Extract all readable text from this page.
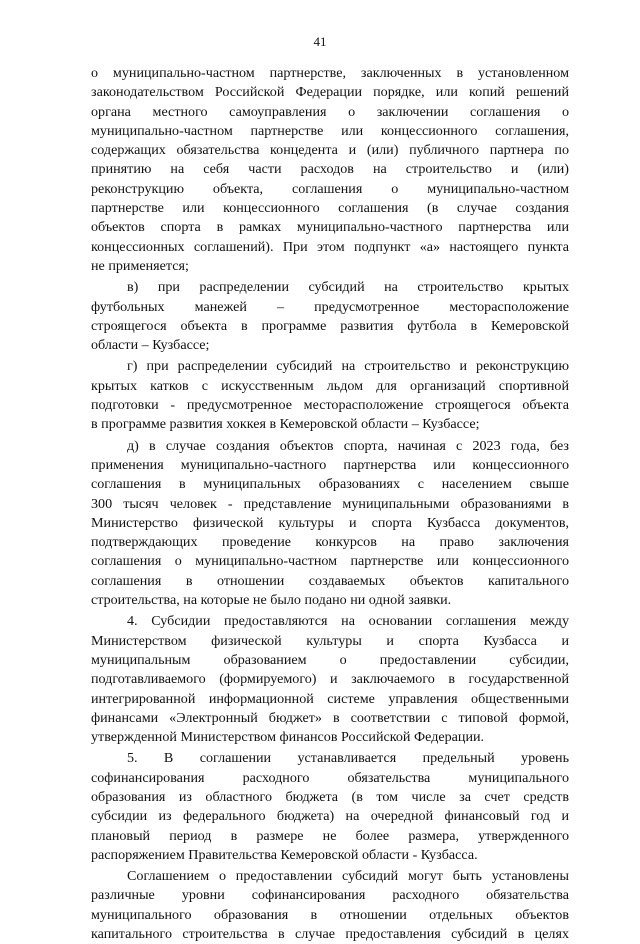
41
о муниципально-частном партнерстве, заключенных в установленном
законодательством Российской Федерации порядке, или копий решений
органа местного самоуправления о заключении соглашения о
муниципально-частном партнерстве или концессионного соглашения,
содержащих обязательства концедента и (или) публичного партнера по
принятию на себя части расходов на строительство и (или)
реконструкцию объекта, соглашения о муниципально-частном
партнерстве или концессионного соглашения (в случае создания
объектов спорта в рамках муниципально-частного партнерства или
концессионных соглашений). При этом подпункт «а» настоящего пункта
не применяется;
в) при распределении субсидий на строительство крытых
футбольных манежей – предусмотренное месторасположение
строящегося объекта в программе развития футбола в Кемеровской
области – Кузбассе;
г) при распределении субсидий на строительство и реконструкцию
крытых катков с искусственным льдом для организаций спортивной
подготовки - предусмотренное месторасположение строящегося объекта
в программе развития хоккея в Кемеровской области – Кузбассе;
д) в случае создания объектов спорта, начиная с 2023 года, без
применения муниципально-частного партнерства или концессионного
соглашения в муниципальных образованиях с населением свыше
300 тысяч человек - представление муниципальными образованиями в
Министерство физической культуры и спорта Кузбасса документов,
подтверждающих проведение конкурсов на право заключения
соглашения о муниципально-частном партнерстве или концессионного
соглашения в отношении создаваемых объектов капитального
строительства, на которые не было подано ни одной заявки.
4. Субсидии предоставляются на основании соглашения между
Министерством физической культуры и спорта Кузбасса и
муниципальным образованием о предоставлении субсидии,
подготавливаемого (формируемого) и заключаемого в государственной
интегрированной информационной системе управления общественными
финансами «Электронный бюджет» в соответствии с типовой формой,
утвержденной Министерством финансов Российской Федерации.
5. В соглашении устанавливается предельный уровень
софинансирования расходного обязательства муниципального
образования из областного бюджета (в том числе за счет средств
субсидии из федерального бюджета) на очередной финансовый год и
плановый период в размере не более размера, утвержденного
распоряжением Правительства Кемеровской области - Кузбасса.
Соглашением о предоставлении субсидий могут быть установлены
различные уровни софинансирования расходного обязательства
муниципального образования в отношении отдельных объектов
капитального строительства в случае предоставления субсидий в целях
